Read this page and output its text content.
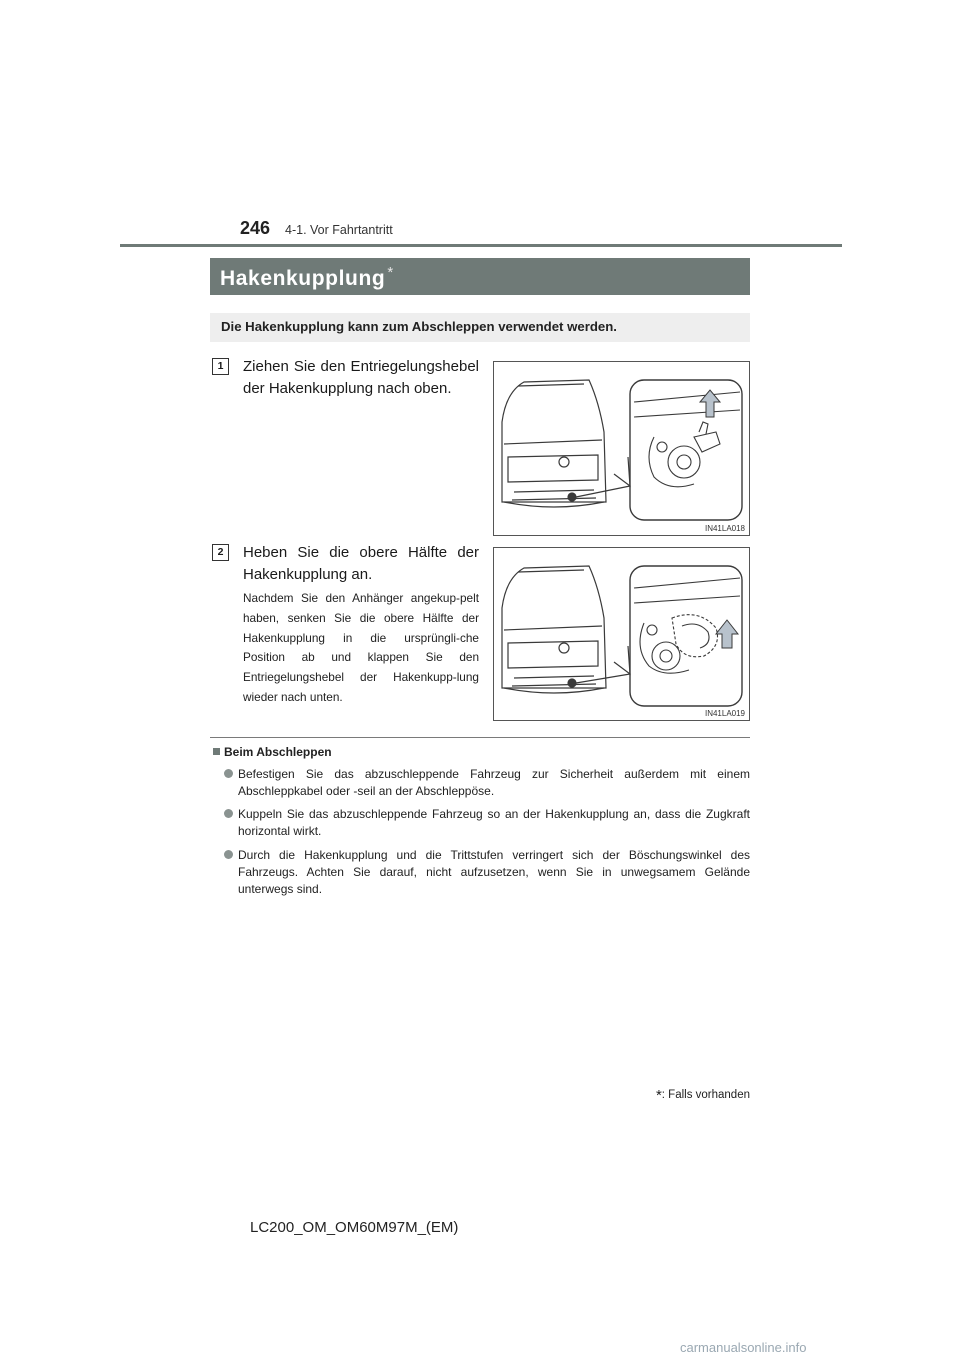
246 4-1. Vor Fahrtantritt
Hakenkupplung *
Die Hakenkupplung kann zum Abschleppen verwendet werden.
1	Ziehen Sie den Entriegelungshebel der Hakenkupplung nach oben.
IN41LA018
2	Heben Sie die obere Hälfte der Hakenkupplung an.
Nachdem Sie den Anhänger angekup-pelt haben, senken Sie die obere Hälfte der Hakenkupplung in die ursprüngli-che Position ab und klappen Sie den Entriegelungshebel der Hakenkupp-lung wieder nach unten.
IN41LA019
Beim Abschleppen
Befestigen Sie das abzuschleppende Fahrzeug zur Sicherheit außerdem mit einem Abschleppkabel oder -seil an der Abschleppöse.
Kuppeln Sie das abzuschleppende Fahrzeug so an der Hakenkupplung an, dass die Zugkraft horizontal wirkt.
Durch die Hakenkupplung und die Trittstufen verringert sich der Böschungswinkel des Fahrzeugs. Achten Sie darauf, nicht aufzusetzen, wenn Sie in unwegsamem Gelände unterwegs sind.
*: Falls vorhanden
LC200_OM_OM60M97M_(EM)
carmanualsonline.info
